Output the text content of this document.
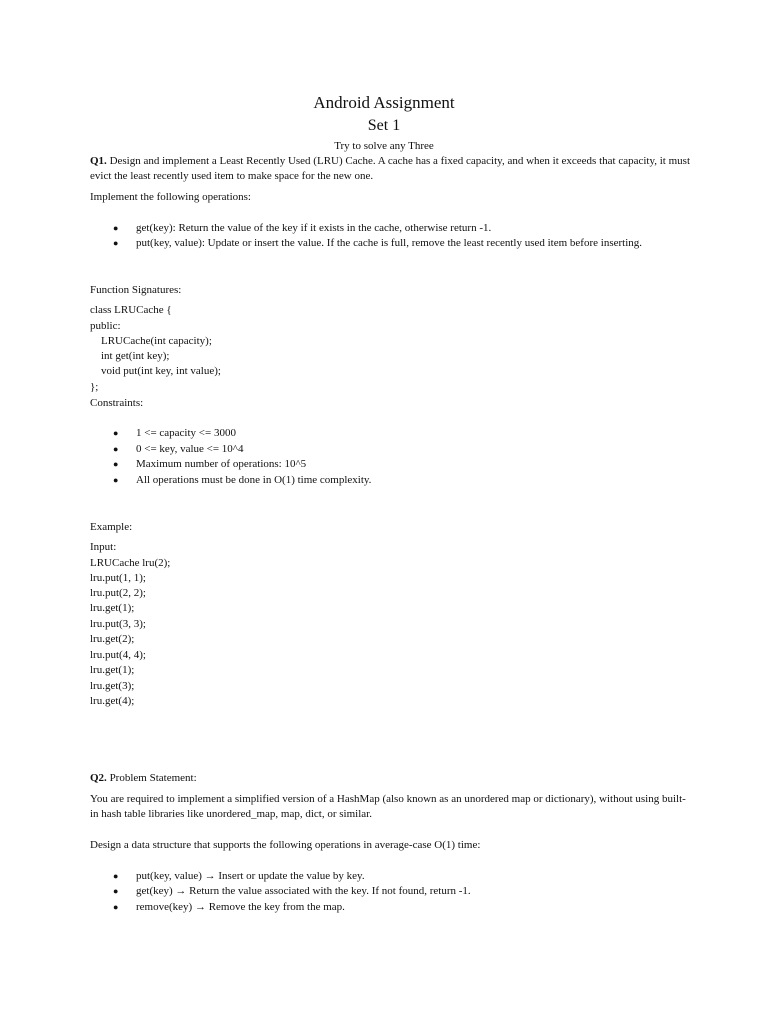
Android Assignment
Set 1
Try to solve any Three
Q1. Design and implement a Least Recently Used (LRU) Cache. A cache has a fixed capacity, and when it exceeds that capacity, it must evict the least recently used item to make space for the new one.
Implement the following operations:
● get(key): Return the value of the key if it exists in the cache, otherwise return -1.
● put(key, value): Update or insert the value. If the cache is full, remove the least recently used item before inserting.
Function Signatures:
class LRUCache {
public:
LRUCache(int capacity);
int get(int key);
void put(int key, int value);
};
Constraints:
● 1 <= capacity <= 3000
● 0 <= key, value <= 10^4
● Maximum number of operations: 10^5
● All operations must be done in O(1) time complexity.
Example:
Input:
LRUCache lru(2);
lru.put(1, 1);
lru.put(2, 2);
lru.get(1);
lru.put(3, 3);
lru.get(2);
lru.put(4, 4);
lru.get(1);
lru.get(3);
lru.get(4);
Q2. Problem Statement:
You are required to implement a simplified version of a HashMap (also known as an unordered map or dictionary), without using built-in hash table libraries like unordered_map, map, dict, or similar.
Design a data structure that supports the following operations in average-case O(1) time:
● put(key, value) → Insert or update the value by key.
● get(key) → Return the value associated with the key. If not found, return -1.
● remove(key) → Remove the key from the map.
